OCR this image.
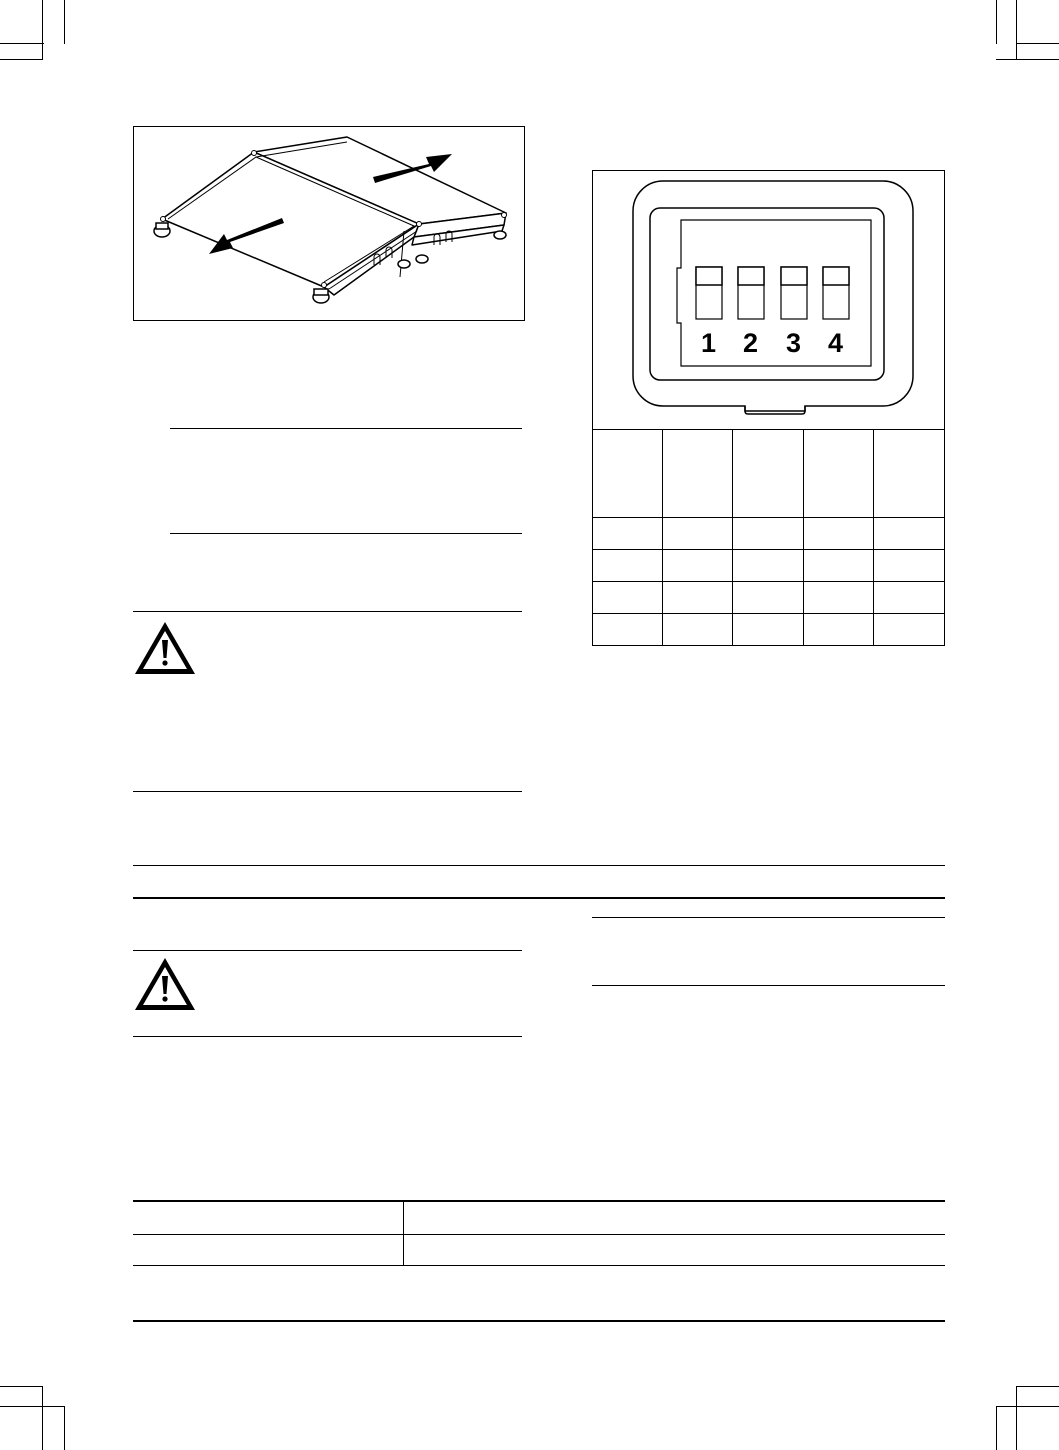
1 2 3 4
